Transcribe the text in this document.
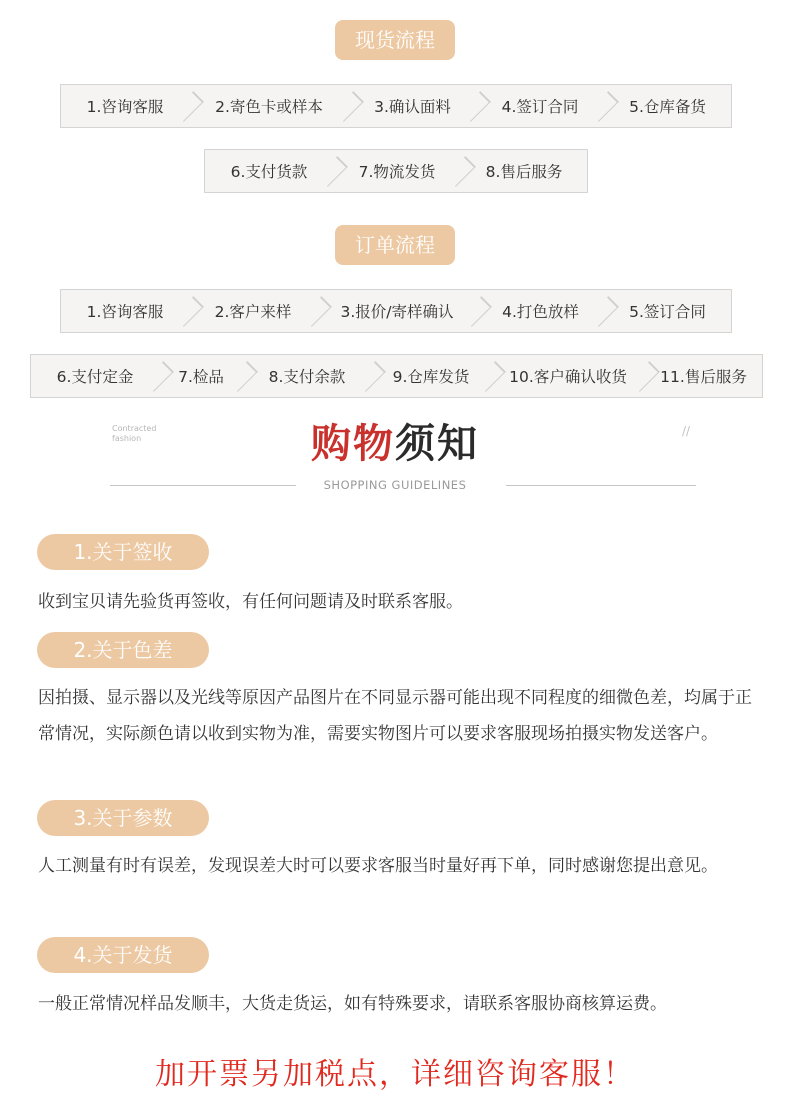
现货流程
1.咨询客服	2.寄色卡或样本	3.确认面料	4.签订合同	5.仓库备货
6.支付货款	7.物流发货	8.售后服务
订单流程
1.咨询客服	2.客户来样	3.报价/寄样确认	4.打色放样	5.签订合同
6.支付定金	7.检品	8.支付余款	9.仓库发货	10.客户确认收货 11.售后服务
Contracted
fashion
//
购物须知
SHOPPING GUIDELINES
1.关于签收
收到宝贝请先验货再签收，有任何问题请及时联系客服。
2.关于色差
因拍摄、显示器以及光线等原因产品图片在不同显示器可能出现不同程度的细微色差，均属于正常情况，实际颜色请以收到实物为准，需要实物图片可以要求客服现场拍摄实物发送客户。
3.关于参数
人工测量有时有误差，发现误差大时可以要求客服当时量好再下单，同时感谢您提出意见。
4.关于发货
一般正常情况样品发顺丰，大货走货运，如有特殊要求，请联系客服协商核算运费。
加开票另加税点，详细咨询客服！
